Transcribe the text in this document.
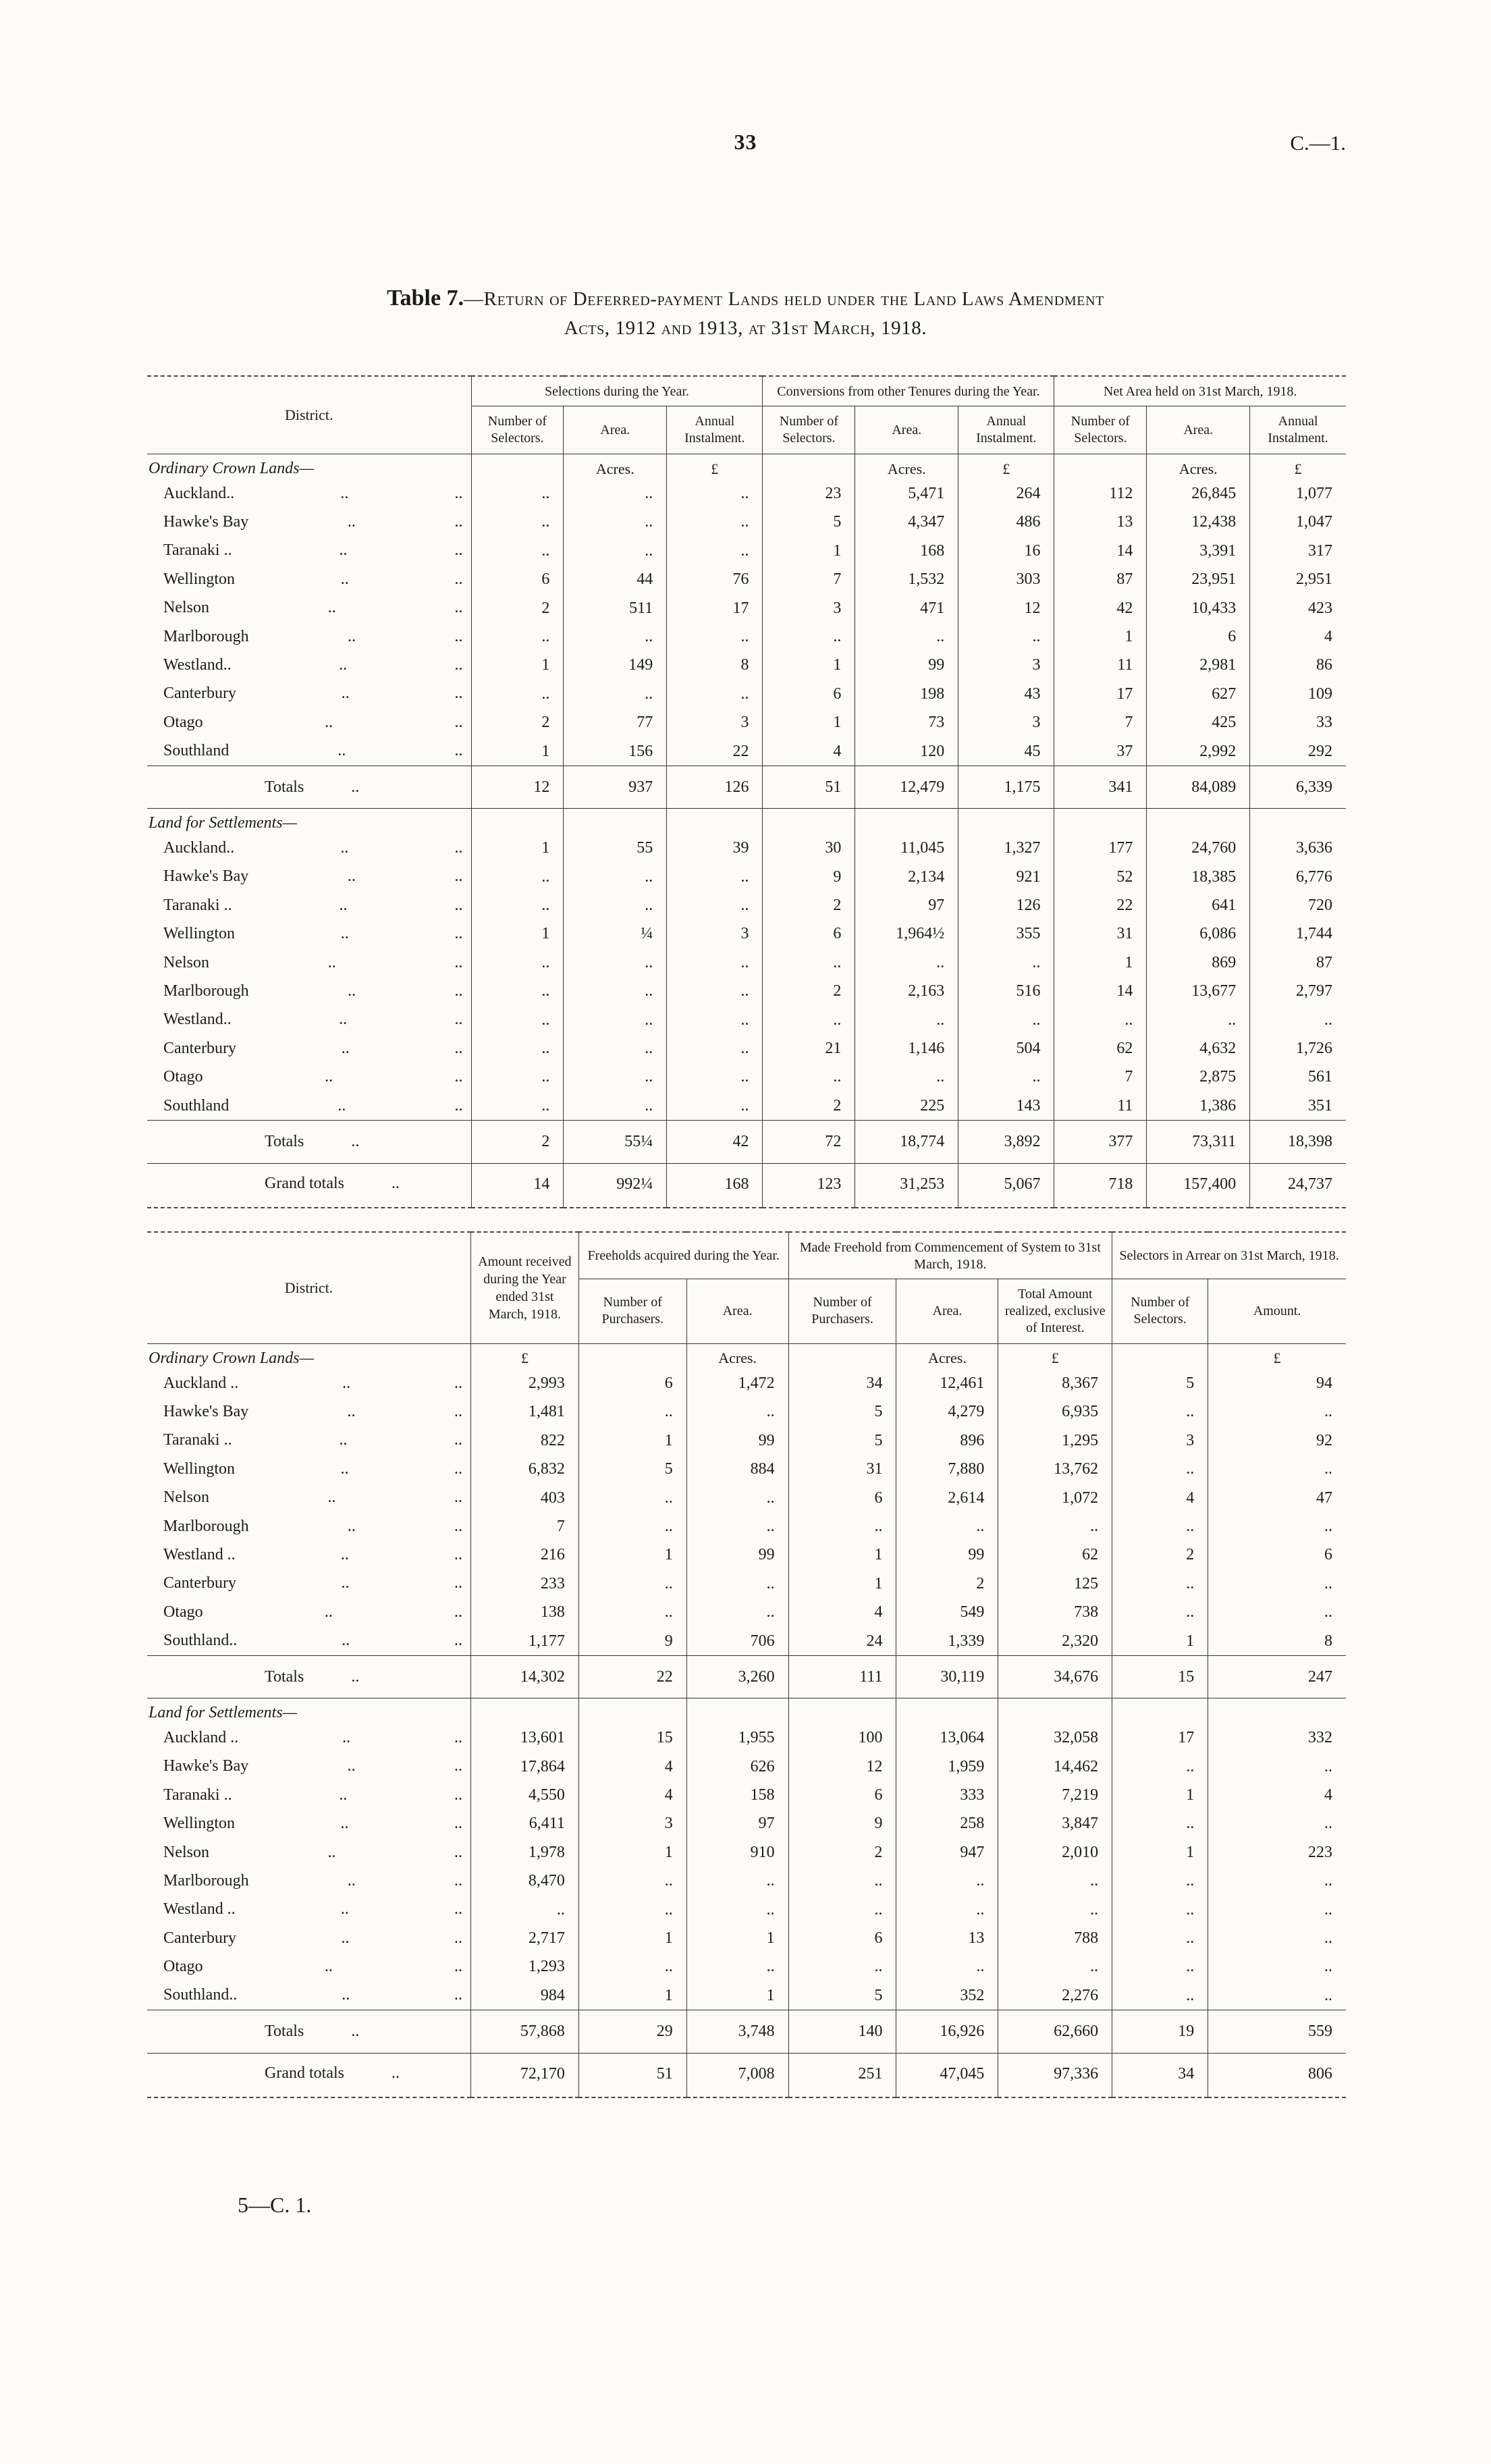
33	C.—1.
Table 7.—Return of Deferred-payment Lands held under the Land Laws Amendment
Acts, 1912 and 1913, at 31st March, 1918.
District.	Selections during the Year.			Conversions from other Tenures during the Year.			Net Area held on 31st March, 1918.		
	Number of Selectors.	Area.	Annual Instalment.	Number of Selectors.	Area.	Annual Instalment.	Number of Selectors.	Area.	Annual Instalment.
Ordinary Crown Lands—		Acres.	£		Acres.	£		Acres.	£

Auckland.. .. ..	..	..	..	23	5,471	264	112	26,845	1,077

Hawke's Bay .. ..	..	..	..	5	4,347	486	13	12,438	1,047

Taranaki .. .. ..	..	..	..	1	168	16	14	3,391	317

Wellington .. ..	6	44	76	7	1,532	303	87	23,951	2,951

Nelson .. ..	2	511	17	3	471	12	42	10,433	423

Marlborough .. ..	..	..	..	..	..	..	1	6	4

Westland.. .. ..	1	149	8	1	99	3	11	2,981	86

Canterbury .. ..	..	..	..	6	198	43	17	627	109

Otago .. ..	2	77	3	1	73	3	7	425	33

Southland .. ..	1	156	22	4	120	45	37	2,992	292

Totals ..	12	937	126	51	12,479	1,175	341	84,089	6,339
Land for Settlements—									

Auckland.. .. ..	1	55	39	30	11,045	1,327	177	24,760	3,636

Hawke's Bay .. ..	..	..	..	9	2,134	921	52	18,385	6,776

Taranaki .. .. ..	..	..	..	2	97	126	22	641	720

Wellington .. ..	1	¼	3	6	1,964½	355	31	6,086	1,744

Nelson .. ..	..	..	..	..	..	..	1	869	87

Marlborough .. ..	..	..	..	2	2,163	516	14	13,677	2,797

Westland.. .. ..	..	..	..	..	..	..	..	..	..

Canterbury .. ..	..	..	..	21	1,146	504	62	4,632	1,726

Otago .. ..	..	..	..	..	..	..	7	2,875	561

Southland .. ..	..	..	..	2	225	143	11	1,386	351

Totals ..	2	55¼	42	72	18,774	3,892	377	73,311	18,398

Grand totals ..	14	992¼	168	123	31,253	5,067	718	157,400	24,737
District.	Amount received during the Year ended 31st March, 1918.	Freeholds acquired during the Year.		Made Freehold from Commencement of System to 31st March, 1918.			Selectors in Arrear on 31st March, 1918.	
		Number of Purchasers.	Area.	Number of Purchasers.	Area.	Total Amount realized, exclusive of Interest.	Number of Selectors.	Amount.
Ordinary Crown Lands—	£		Acres.		Acres.	£		£

Auckland .. .. ..	2,993	6	1,472	34	12,461	8,367	5	94

Hawke's Bay .. ..	1,481	..	..	5	4,279	6,935	..	..

Taranaki .. .. ..	822	1	99	5	896	1,295	3	92

Wellington .. ..	6,832	5	884	31	7,880	13,762	..	..

Nelson .. ..	403	..	..	6	2,614	1,072	4	47

Marlborough .. ..	7	..	..	..	..	..	..	..

Westland .. .. ..	216	1	99	1	99	62	2	6

Canterbury .. ..	233	..	..	1	2	125	..	..

Otago .. ..	138	..	..	4	549	738	..	..

Southland.. .. ..	1,177	9	706	24	1,339	2,320	1	8

Totals ..	14,302	22	3,260	111	30,119	34,676	15	247
Land for Settlements—								

Auckland .. .. ..	13,601	15	1,955	100	13,064	32,058	17	332

Hawke's Bay .. ..	17,864	4	626	12	1,959	14,462	..	..

Taranaki .. .. ..	4,550	4	158	6	333	7,219	1	4

Wellington .. ..	6,411	3	97	9	258	3,847	..	..

Nelson .. ..	1,978	1	910	2	947	2,010	1	223

Marlborough .. ..	8,470	..	..	..	..	..	..	..

Westland .. .. ..	..	..	..	..	..	..	..	..

Canterbury .. ..	2,717	1	1	6	13	788	..	..

Otago .. ..	1,293	..	..	..	..	..	..	..

Southland.. .. ..	984	1	1	5	352	2,276	..	..

Totals ..	57,868	29	3,748	140	16,926	62,660	19	559

Grand totals ..	72,170	51	7,008	251	47,045	97,336	34	806
5—C. 1.
